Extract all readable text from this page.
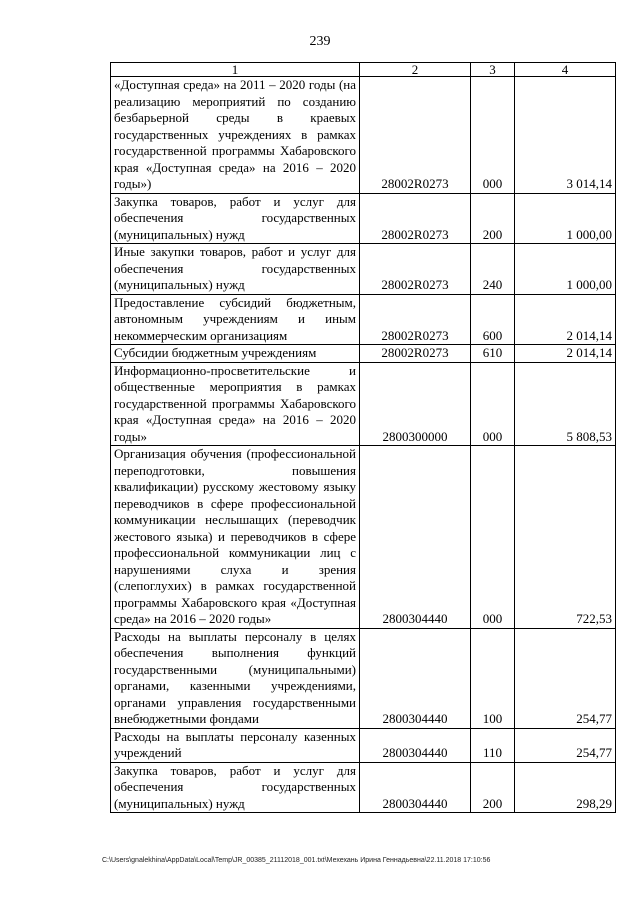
239
1	2	3	4
«Доступная среда» на 2011 – 2020 годы (на реализацию мероприятий по созданию безбарьерной среды в краевых государственных учреждениях в рамках государственной программы Хабаровского края «Доступная среда» на 2016 – 2020 годы»)	28002R0273	000	3 014,14
Закупка товаров, работ и услуг для обеспечения государственных (муниципальных) нужд	28002R0273	200	1 000,00
Иные закупки товаров, работ и услуг для обеспечения государственных (муниципальных) нужд	28002R0273	240	1 000,00
Предоставление субсидий бюджетным, автономным учреждениям и иным некоммерческим организациям	28002R0273	600	2 014,14
Субсидии бюджетным учреждениям	28002R0273	610	2 014,14
Информационно-просветительские и общественные мероприятия в рамках государственной программы Хабаровского края «Доступная среда» на 2016 – 2020 годы»	2800300000	000	5 808,53
Организация обучения (профессиональной переподготовки, повышения квалификации) русскому жестовому языку переводчиков в сфере профессиональной коммуникации неслышащих (переводчик жестового языка) и переводчиков в сфере профессиональной коммуникации лиц с нарушениями слуха и зрения (слепоглухих) в рамках государственной программы Хабаровского края «Доступная среда» на 2016 – 2020 годы»	2800304440	000	722,53
Расходы на выплаты персоналу в целях обеспечения выполнения функций государственными (муниципальными) органами, казенными учреждениями, органами управления государственными внебюджетными фондами	2800304440	100	254,77
Расходы на выплаты персоналу казенных учреждений	2800304440	110	254,77
Закупка товаров, работ и услуг для обеспечения государственных (муниципальных) нужд	2800304440	200	298,29
C:\Users\gnalekhina\AppData\Local\Temp\JR_00385_21112018_001.txt\Мехехань Ирина Геннадьевна\22.11.2018 17:10:56
